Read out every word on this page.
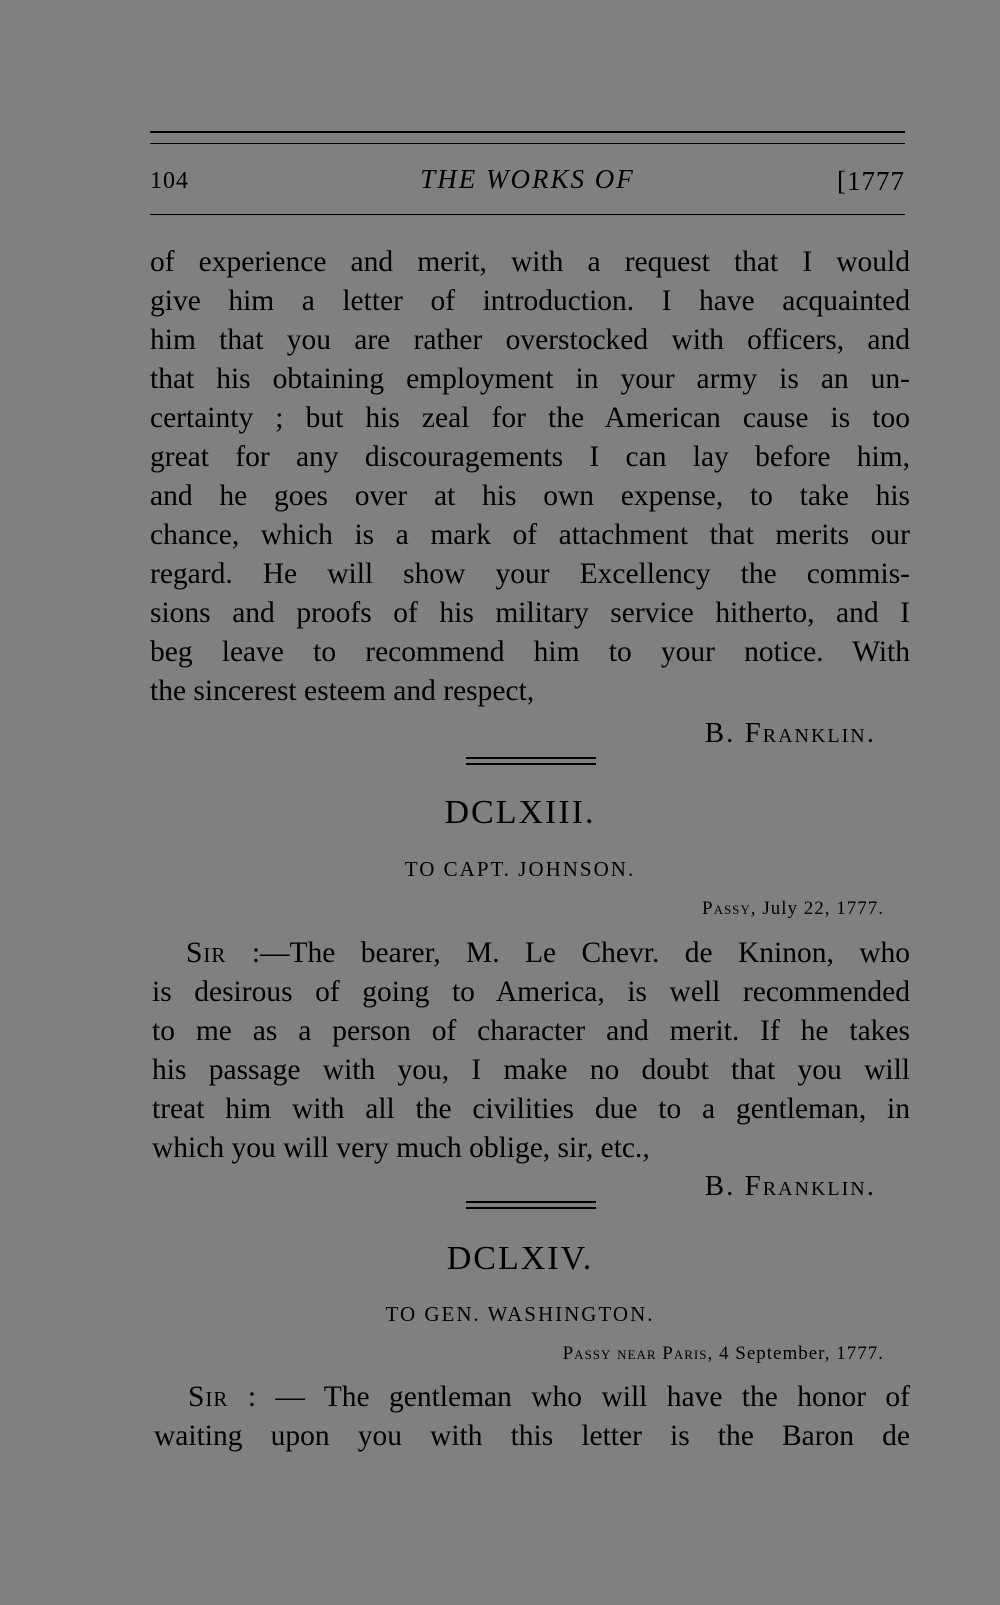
104	THE WORKS OF	[1777
of experience and merit, with a request that I would
give him a letter of introduction. I have acquainted
him that you are rather overstocked with officers, and
that his obtaining employment in your army is an un-
certainty ; but his zeal for the American cause is too
great for any discouragements I can lay before him,
and he goes over at his own expense, to take his
chance, which is a mark of attachment that merits our
regard. He will show your Excellency the commis-
sions and proofs of his military service hitherto, and I
beg leave to recommend him to your notice. With
the sincerest esteem and respect,
B. Franklin.
DCLXIII.
TO CAPT. JOHNSON.
Passy, July 22, 1777.
Sir :—The bearer, M. Le Chevr. de Kninon, who
is desirous of going to America, is well recommended
to me as a person of character and merit. If he takes
his passage with you, I make no doubt that you will
treat him with all the civilities due to a gentleman, in
which you will very much oblige, sir, etc.,
B. Franklin.
DCLXIV.
TO GEN. WASHINGTON.
Passy near Paris, 4 September, 1777.
Sir : — The gentleman who will have the honor of
waiting upon you with this letter is the Baron de
